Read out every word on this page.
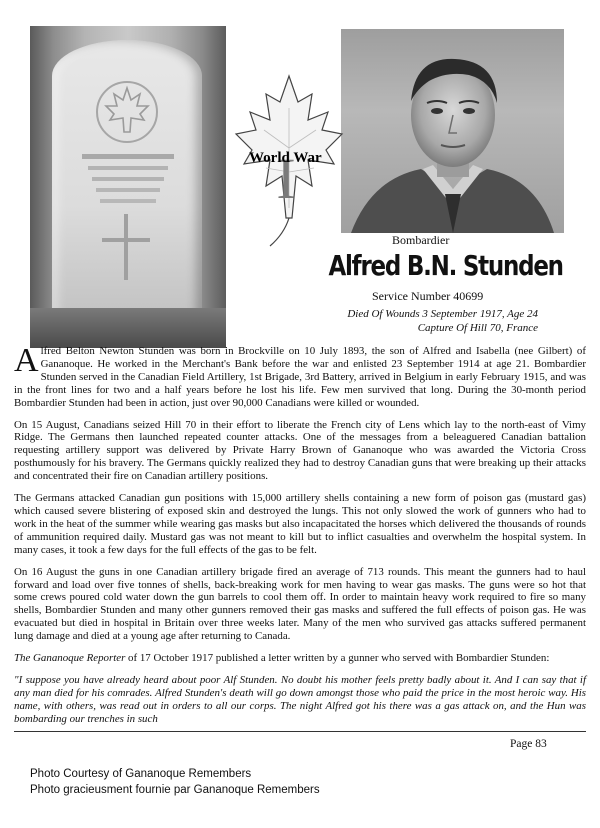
I
World War
Bombardier
Alfred B.N. Stunden
Service Number 40699
Died Of Wounds 3 September 1917, Age 24
Capture Of Hill 70, France

Alfred Belton Newton Stunden was born in Brockville on 10 July 1893, the son of Alfred and Isabella (nee Gilbert) of Gananoque. He worked in the Merchant's Bank before the war and enlisted 23 September 1914 at age 21. Bombardier Stunden served in the Canadian Field Artillery, 1st Brigade, 3rd Battery, arrived in Belgium in early February 1915, and was in the front lines for two and a half years before he lost his life. Few men survived that long. During the 30-month period Bombardier Stunden had been in action, just over 90,000 Canadians were killed or wounded.

On 15 August, Canadians seized Hill 70 in their effort to liberate the French city of Lens which lay to the north-east of Vimy Ridge. The Germans then launched repeated counter attacks. One of the messages from a beleaguered Canadian battalion requesting artillery support was delivered by Private Harry Brown of Gananoque who was awarded the Victoria Cross posthumously for his bravery. The Germans quickly realized they had to destroy Canadian guns that were breaking up their attacks and concentrated their fire on Canadian artillery positions.

The Germans attacked Canadian gun positions with 15,000 artillery shells containing a new form of poison gas (mustard gas) which caused severe blistering of exposed skin and destroyed the lungs. This not only slowed the work of gunners who had to work in the heat of the summer while wearing gas masks but also incapacitated the horses which delivered the thousands of rounds of ammunition required daily. Mustard gas was not meant to kill but to inflict casualties and overwhelm the hospital system. In many cases, it took a few days for the full effects of the gas to be felt.

On 16 August the guns in one Canadian artillery brigade fired an average of 713 rounds. This meant the gunners had to haul forward and load over five tonnes of shells, back-breaking work for men having to wear gas masks. The guns were so hot that some crews poured cold water down the gun barrels to cool them off. In order to maintain heavy work required to fire so many shells, Bombardier Stunden and many other gunners removed their gas masks and suffered the full effects of poison gas. He was evacuated but died in hospital in Britain over three weeks later. Many of the men who survived gas attacks suffered permanent lung damage and died at a young age after returning to Canada.

The Gananoque Reporter of 17 October 1917 published a letter written by a gunner who served with Bombardier Stunden:

"I suppose you have already heard about poor Alf Stunden. No doubt his mother feels pretty badly about it. And I can say that if any man died for his comrades. Alfred Stunden's death will go down amongst those who paid the price in the most heroic way. His name, with others, was read out in orders to all our corps. The night Alfred got his there was a gas attack on, and the Hun was bombarding our trenches in such

Page 83
Photo Courtesy of Gananoque Remembers
Photo gracieusment fournie par Gananoque Remembers
